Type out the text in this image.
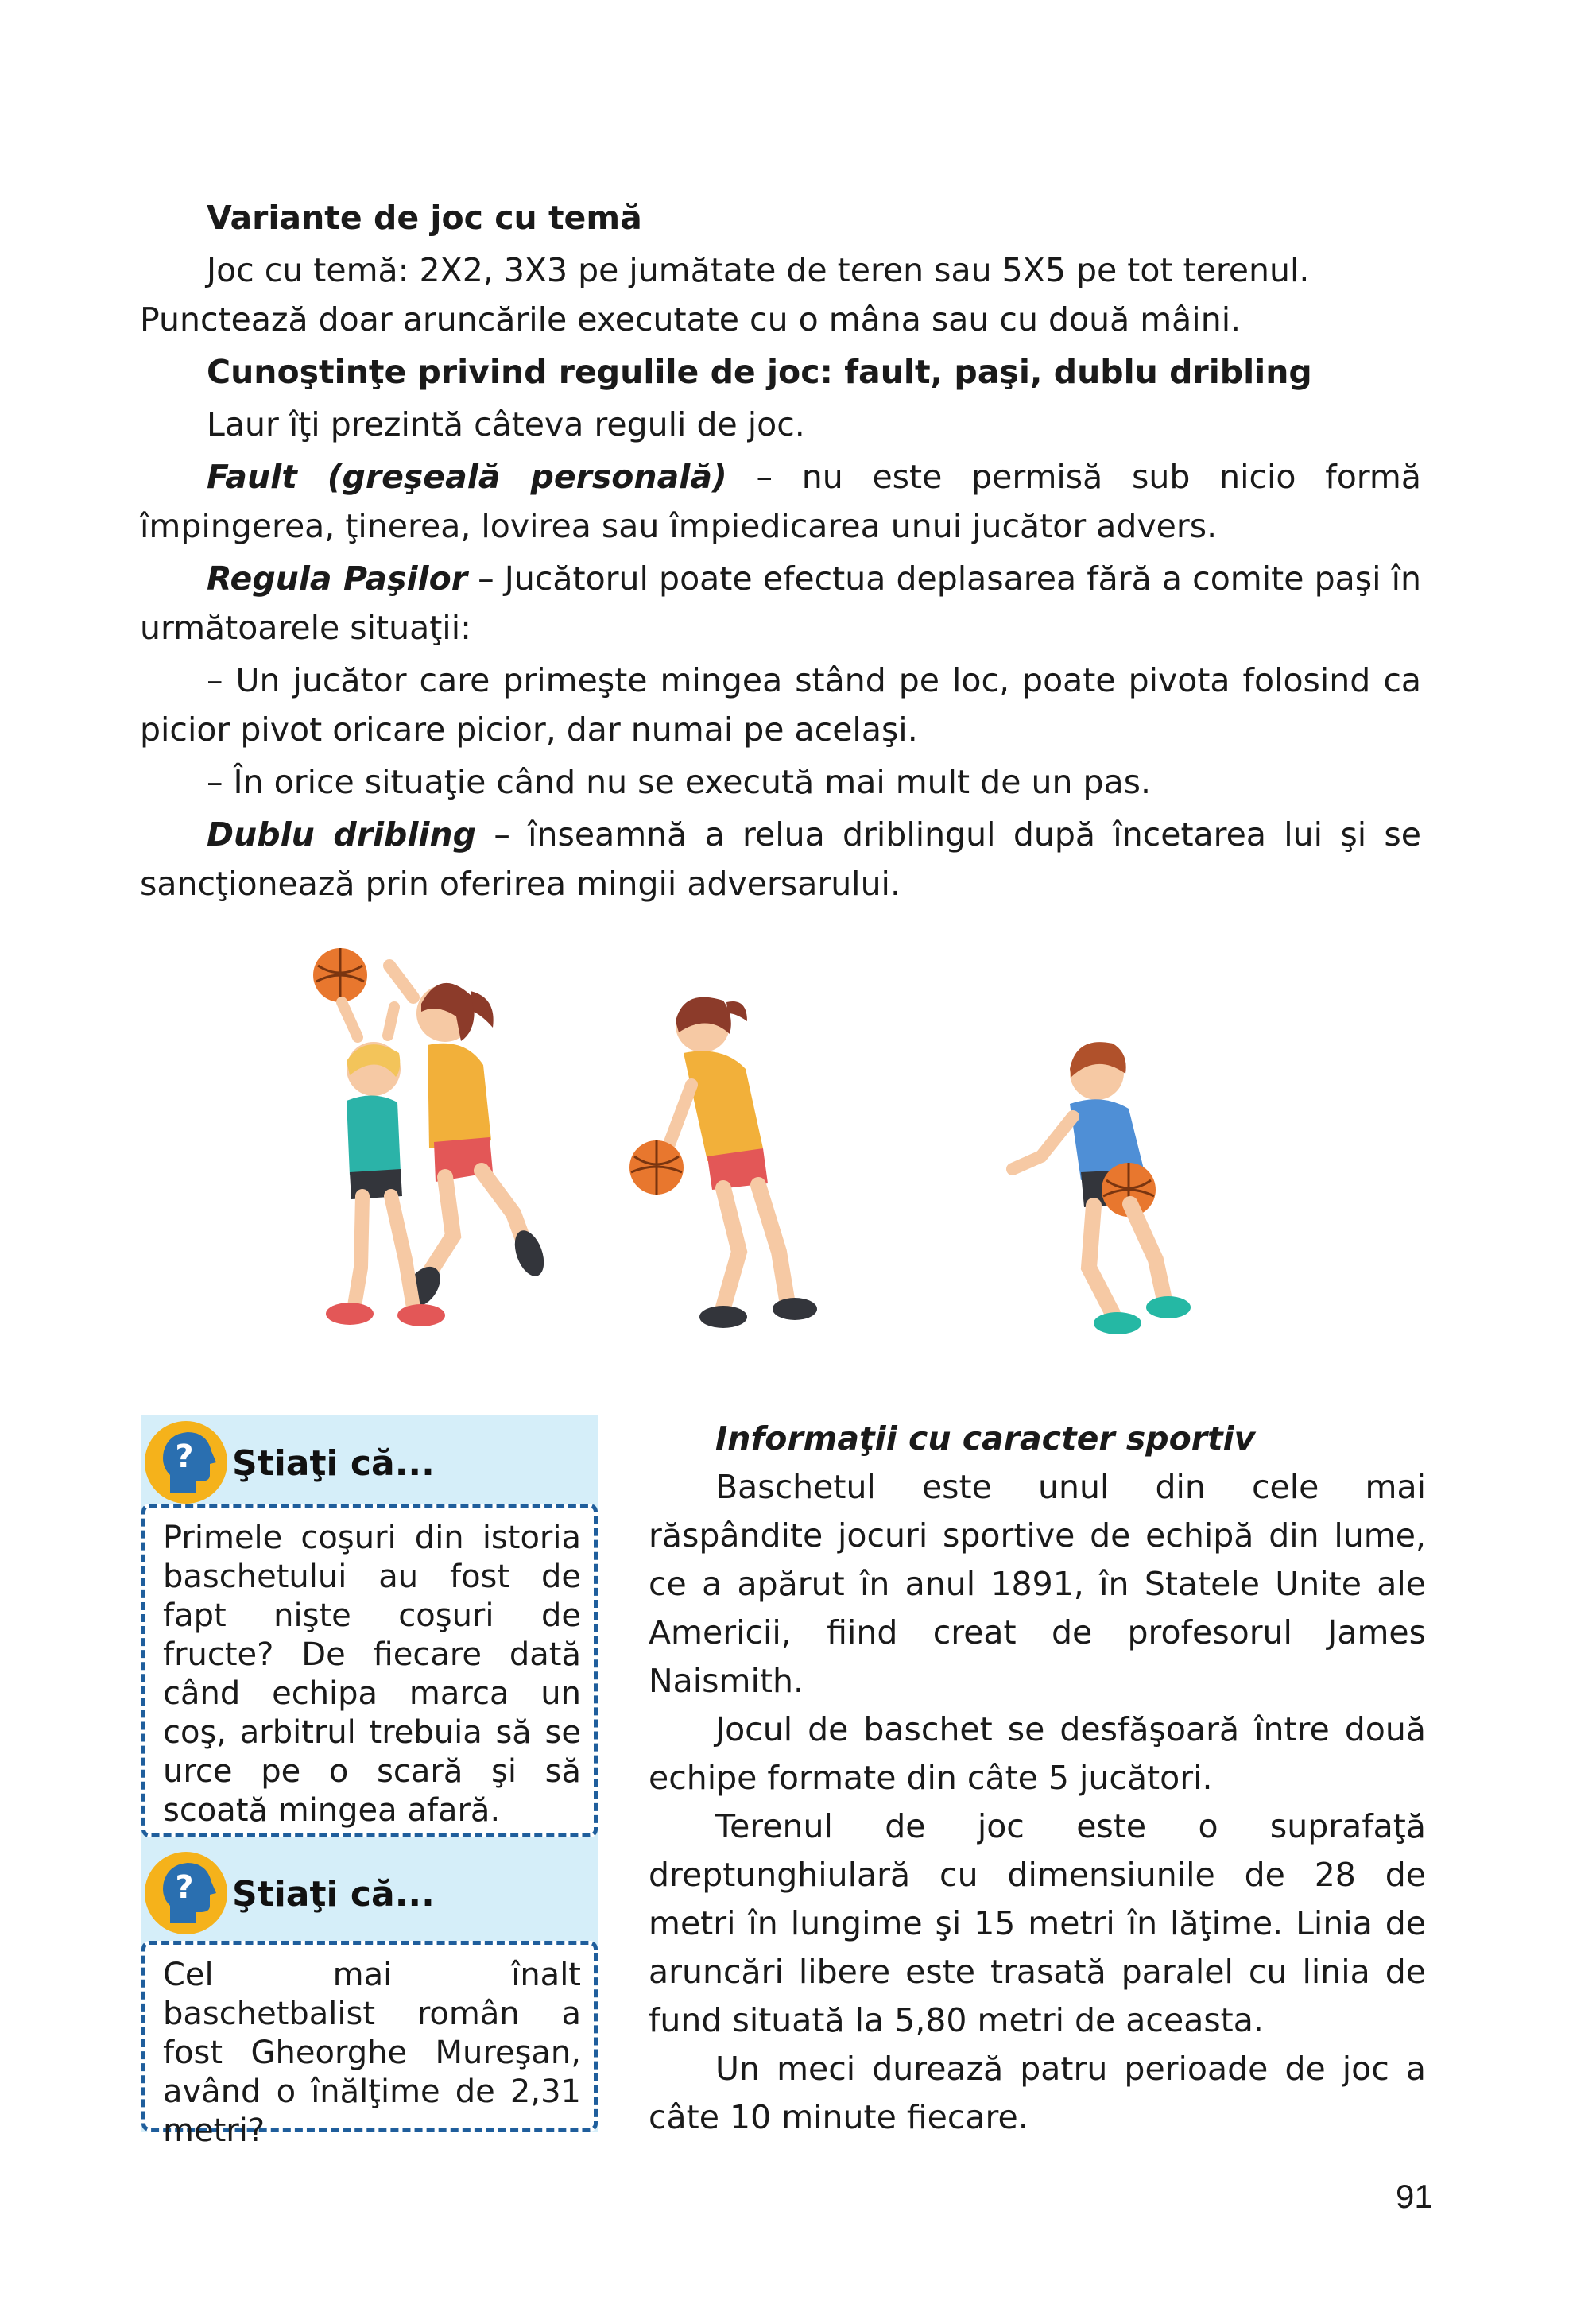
Variante de joc cu temă

Joc cu temă: 2X2, 3X3 pe jumătate de teren sau 5X5 pe tot terenul.

Punctează doar aruncările executate cu o mâna sau cu două mâini.

Cunoştinţe privind regulile de joc: fault, paşi, dublu dribling

Laur îţi prezintă câteva reguli de joc.

Fault (greşeală personală) – nu este permisă sub nicio formă împingerea, ţinerea, lovirea sau împiedicarea unui jucător advers.

Regula Paşilor – Jucătorul poate efectua deplasarea fără a comite paşi în următoarele situaţii:

– Un jucător care primeşte mingea stând pe loc, poate pivota folosind ca picior pivot oricare picior, dar numai pe acelaşi.

– În orice situaţie când nu se execută mai mult de un pas.

Dublu dribling – înseamnă a relua driblingul după încetarea lui şi se sancţionează prin oferirea mingii adversarului.

? Ştiaţi că...

Primele coşuri din istoria baschetului au fost de fapt nişte coşuri de fructe? De fiecare dată când echipa marca un coş, arbitrul trebuia să se urce pe o scară şi să scoată mingea afară.

? Ştiaţi că...

Cel mai înalt baschetbalist român a fost Gheorghe Mureşan, având o înălţime de 2,31 metri?

Informaţii cu caracter sportiv

Baschetul este unul din cele mai răspândite jocuri sportive de echipă din lume, ce a apărut în anul 1891, în Statele Unite ale Americii, fiind creat de profesorul James Naismith.

Jocul de baschet se desfăşoară între două echipe formate din câte 5 jucători.

Terenul de joc este o suprafaţă dreptunghiulară cu dimensiunile de 28 de metri în lungime şi 15 metri în lăţime. Linia de aruncări libere este trasată paralel cu linia de fund situată la 5,80 metri de aceasta.

Un meci durează patru perioade de joc a câte 10 minute fiecare.

91
